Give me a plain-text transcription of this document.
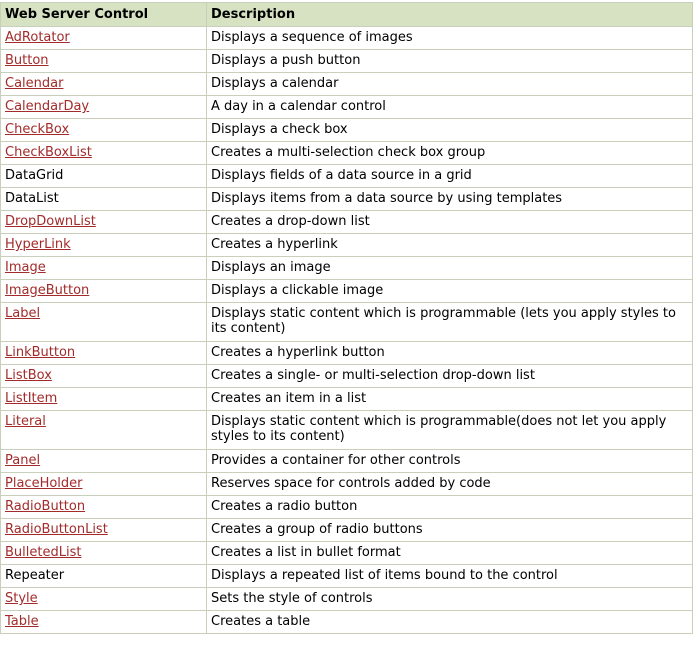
Web Server Control	Description
AdRotator	Displays a sequence of images
Button	Displays a push button
Calendar	Displays a calendar
CalendarDay	A day in a calendar control
CheckBox	Displays a check box
CheckBoxList	Creates a multi-selection check box group
DataGrid	Displays fields of a data source in a grid
DataList	Displays items from a data source by using templates
DropDownList	Creates a drop-down list
HyperLink	Creates a hyperlink
Image	Displays an image
ImageButton	Displays a clickable image
Label	Displays static content which is programmable (lets you apply styles to its content)
LinkButton	Creates a hyperlink button
ListBox	Creates a single- or multi-selection drop-down list
ListItem	Creates an item in a list
Literal	Displays static content which is programmable(does not let you apply styles to its content)
Panel	Provides a container for other controls
PlaceHolder	Reserves space for controls added by code
RadioButton	Creates a radio button
RadioButtonList	Creates a group of radio buttons
BulletedList	Creates a list in bullet format
Repeater	Displays a repeated list of items bound to the control
Style	Sets the style of controls
Table	Creates a table
